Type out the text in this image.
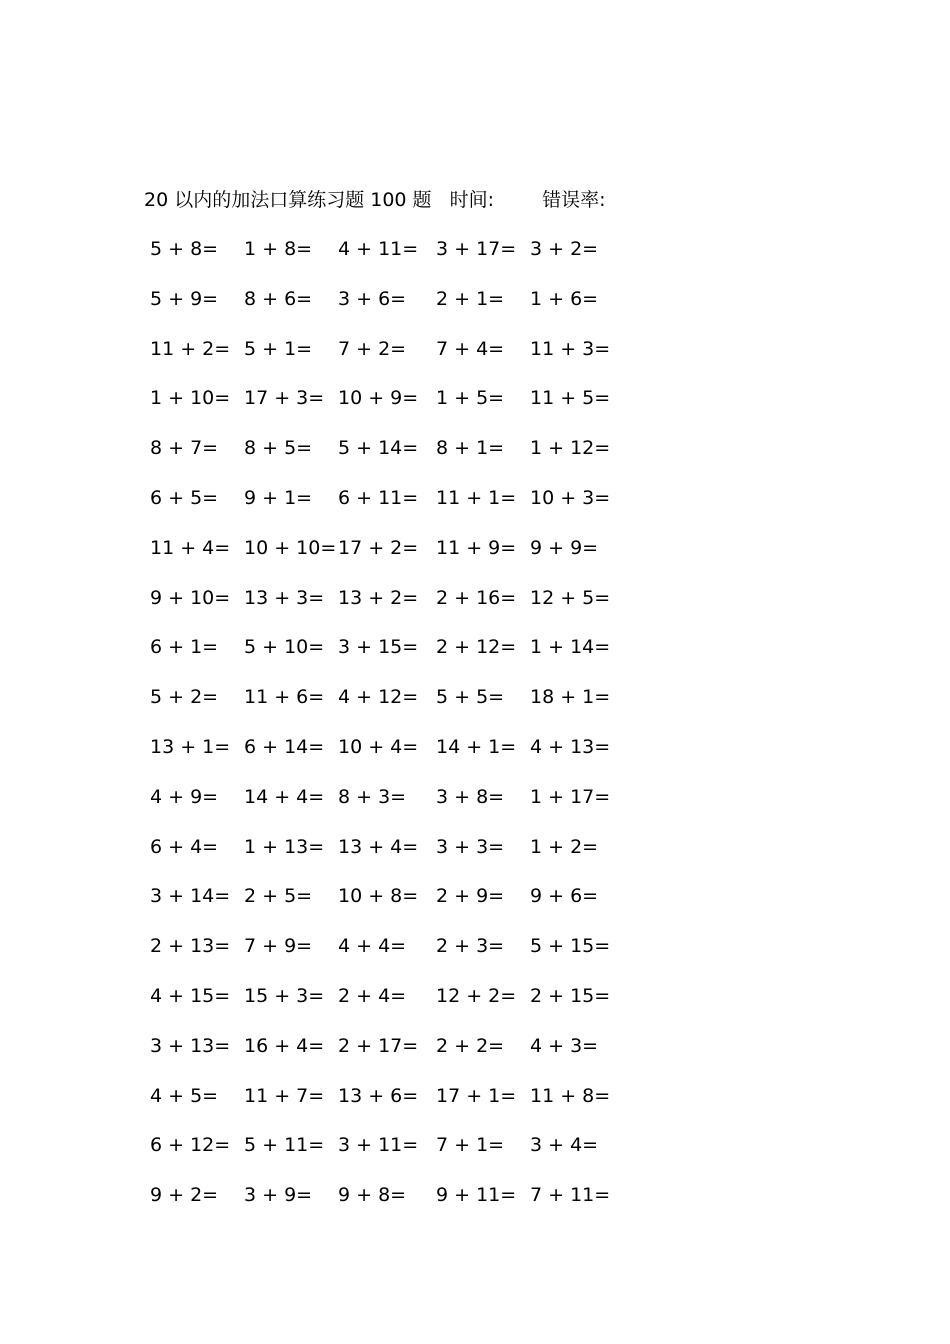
20 以内的加法口算练习题 100 题 时间:	错误率:
5 + 8= 1 + 8= 4 + 11= 3 + 17= 3 + 2=
5 + 9= 8 + 6= 3 + 6= 2 + 1= 1 + 6=
11 + 2= 5 + 1= 7 + 2= 7 + 4= 11 + 3=
1 + 10= 17 + 3= 10 + 9= 1 + 5= 11 + 5=
8 + 7= 8 + 5= 5 + 14= 8 + 1= 1 + 12=
6 + 5= 9 + 1= 6 + 11= 11 + 1= 10 + 3=
11 + 4= 10 + 10= 17 + 2= 11 + 9= 9 + 9=
9 + 10= 13 + 3= 13 + 2= 2 + 16= 12 + 5=
6 + 1= 5 + 10= 3 + 15= 2 + 12= 1 + 14=
5 + 2= 11 + 6= 4 + 12= 5 + 5= 18 + 1=
13 + 1= 6 + 14= 10 + 4= 14 + 1= 4 + 13=
4 + 9= 14 + 4= 8 + 3= 3 + 8= 1 + 17=
6 + 4= 1 + 13= 13 + 4= 3 + 3= 1 + 2=
3 + 14= 2 + 5= 10 + 8= 2 + 9= 9 + 6=
2 + 13= 7 + 9= 4 + 4= 2 + 3= 5 + 15=
4 + 15= 15 + 3= 2 + 4= 12 + 2= 2 + 15=
3 + 13= 16 + 4= 2 + 17= 2 + 2= 4 + 3=
4 + 5= 11 + 7= 13 + 6= 17 + 1= 11 + 8=
6 + 12= 5 + 11= 3 + 11= 7 + 1= 3 + 4=
9 + 2= 3 + 9= 9 + 8= 9 + 11= 7 + 11=
